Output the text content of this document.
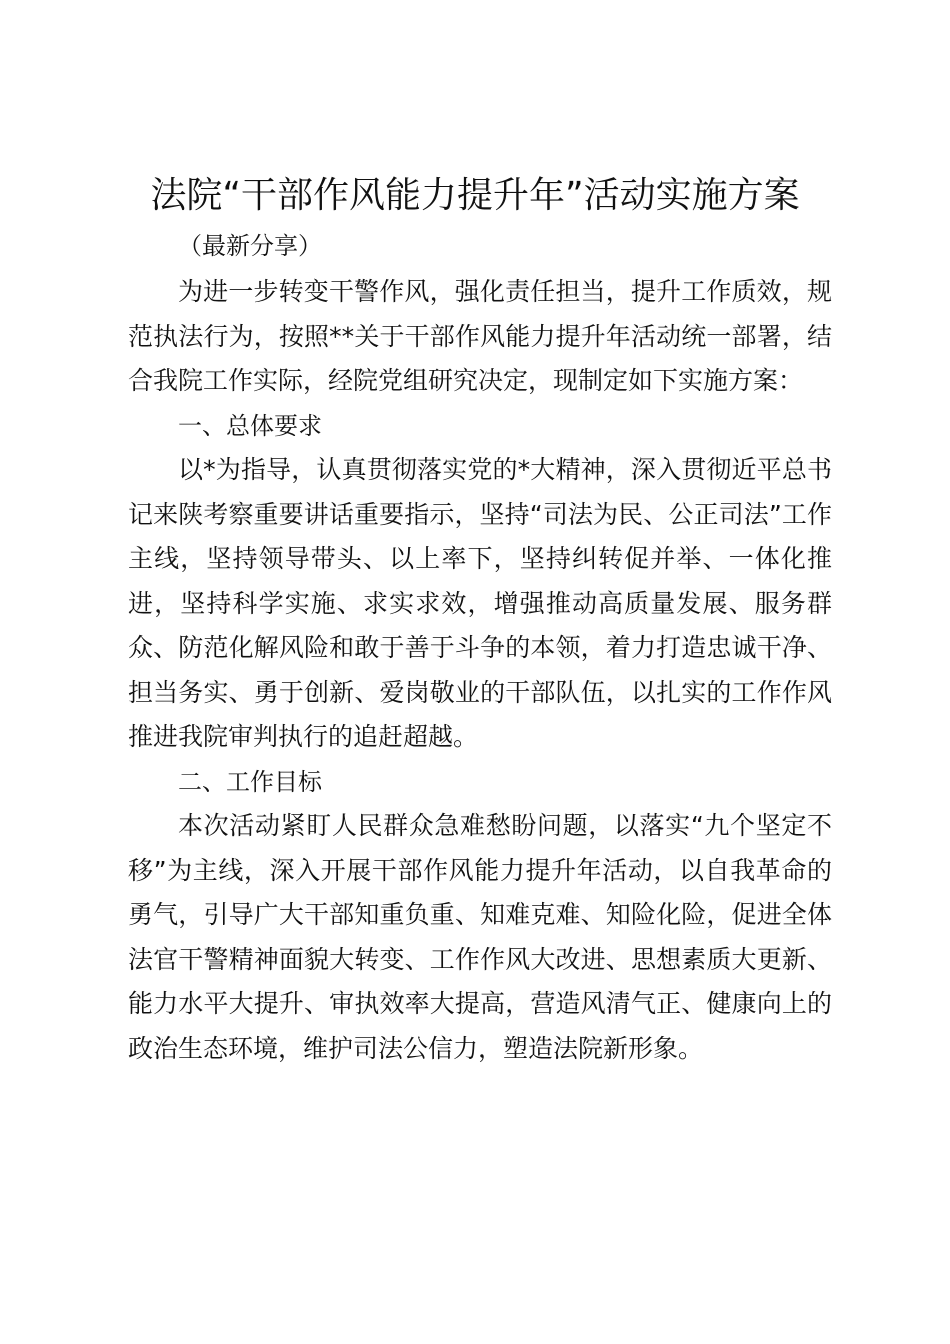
法院“干部作风能力提升年”活动实施方案
（最新分享）

为进一步转变干警作风，强化责任担当，提升工作质效，规范执法行为，按照**关于干部作风能力提升年活动统一部署，结合我院工作实际，经院党组研究决定，现制定如下实施方案：

一、总体要求

以*为指导，认真贯彻落实党的*大精神，深入贯彻近平总书记来陕考察重要讲话重要指示，坚持“司法为民、公正司法”工作主线，坚持领导带头、以上率下，坚持纠转促并举、一体化推进，坚持科学实施、求实求效，增强推动高质量发展、服务群众、防范化解风险和敢于善于斗争的本领，着力打造忠诚干净、担当务实、勇于创新、爱岗敬业的干部队伍，以扎实的工作作风推进我院审判执行的追赶超越。

二、工作目标

本次活动紧盯人民群众急难愁盼问题，以落实“九个坚定不移”为主线，深入开展干部作风能力提升年活动，以自我革命的勇气，引导广大干部知重负重、知难克难、知险化险，促进全体法官干警精神面貌大转变、工作作风大改进、思想素质大更新、能力水平大提升、审执效率大提高，营造风清气正、健康向上的政治生态环境，维护司法公信力，塑造法院新形象。
